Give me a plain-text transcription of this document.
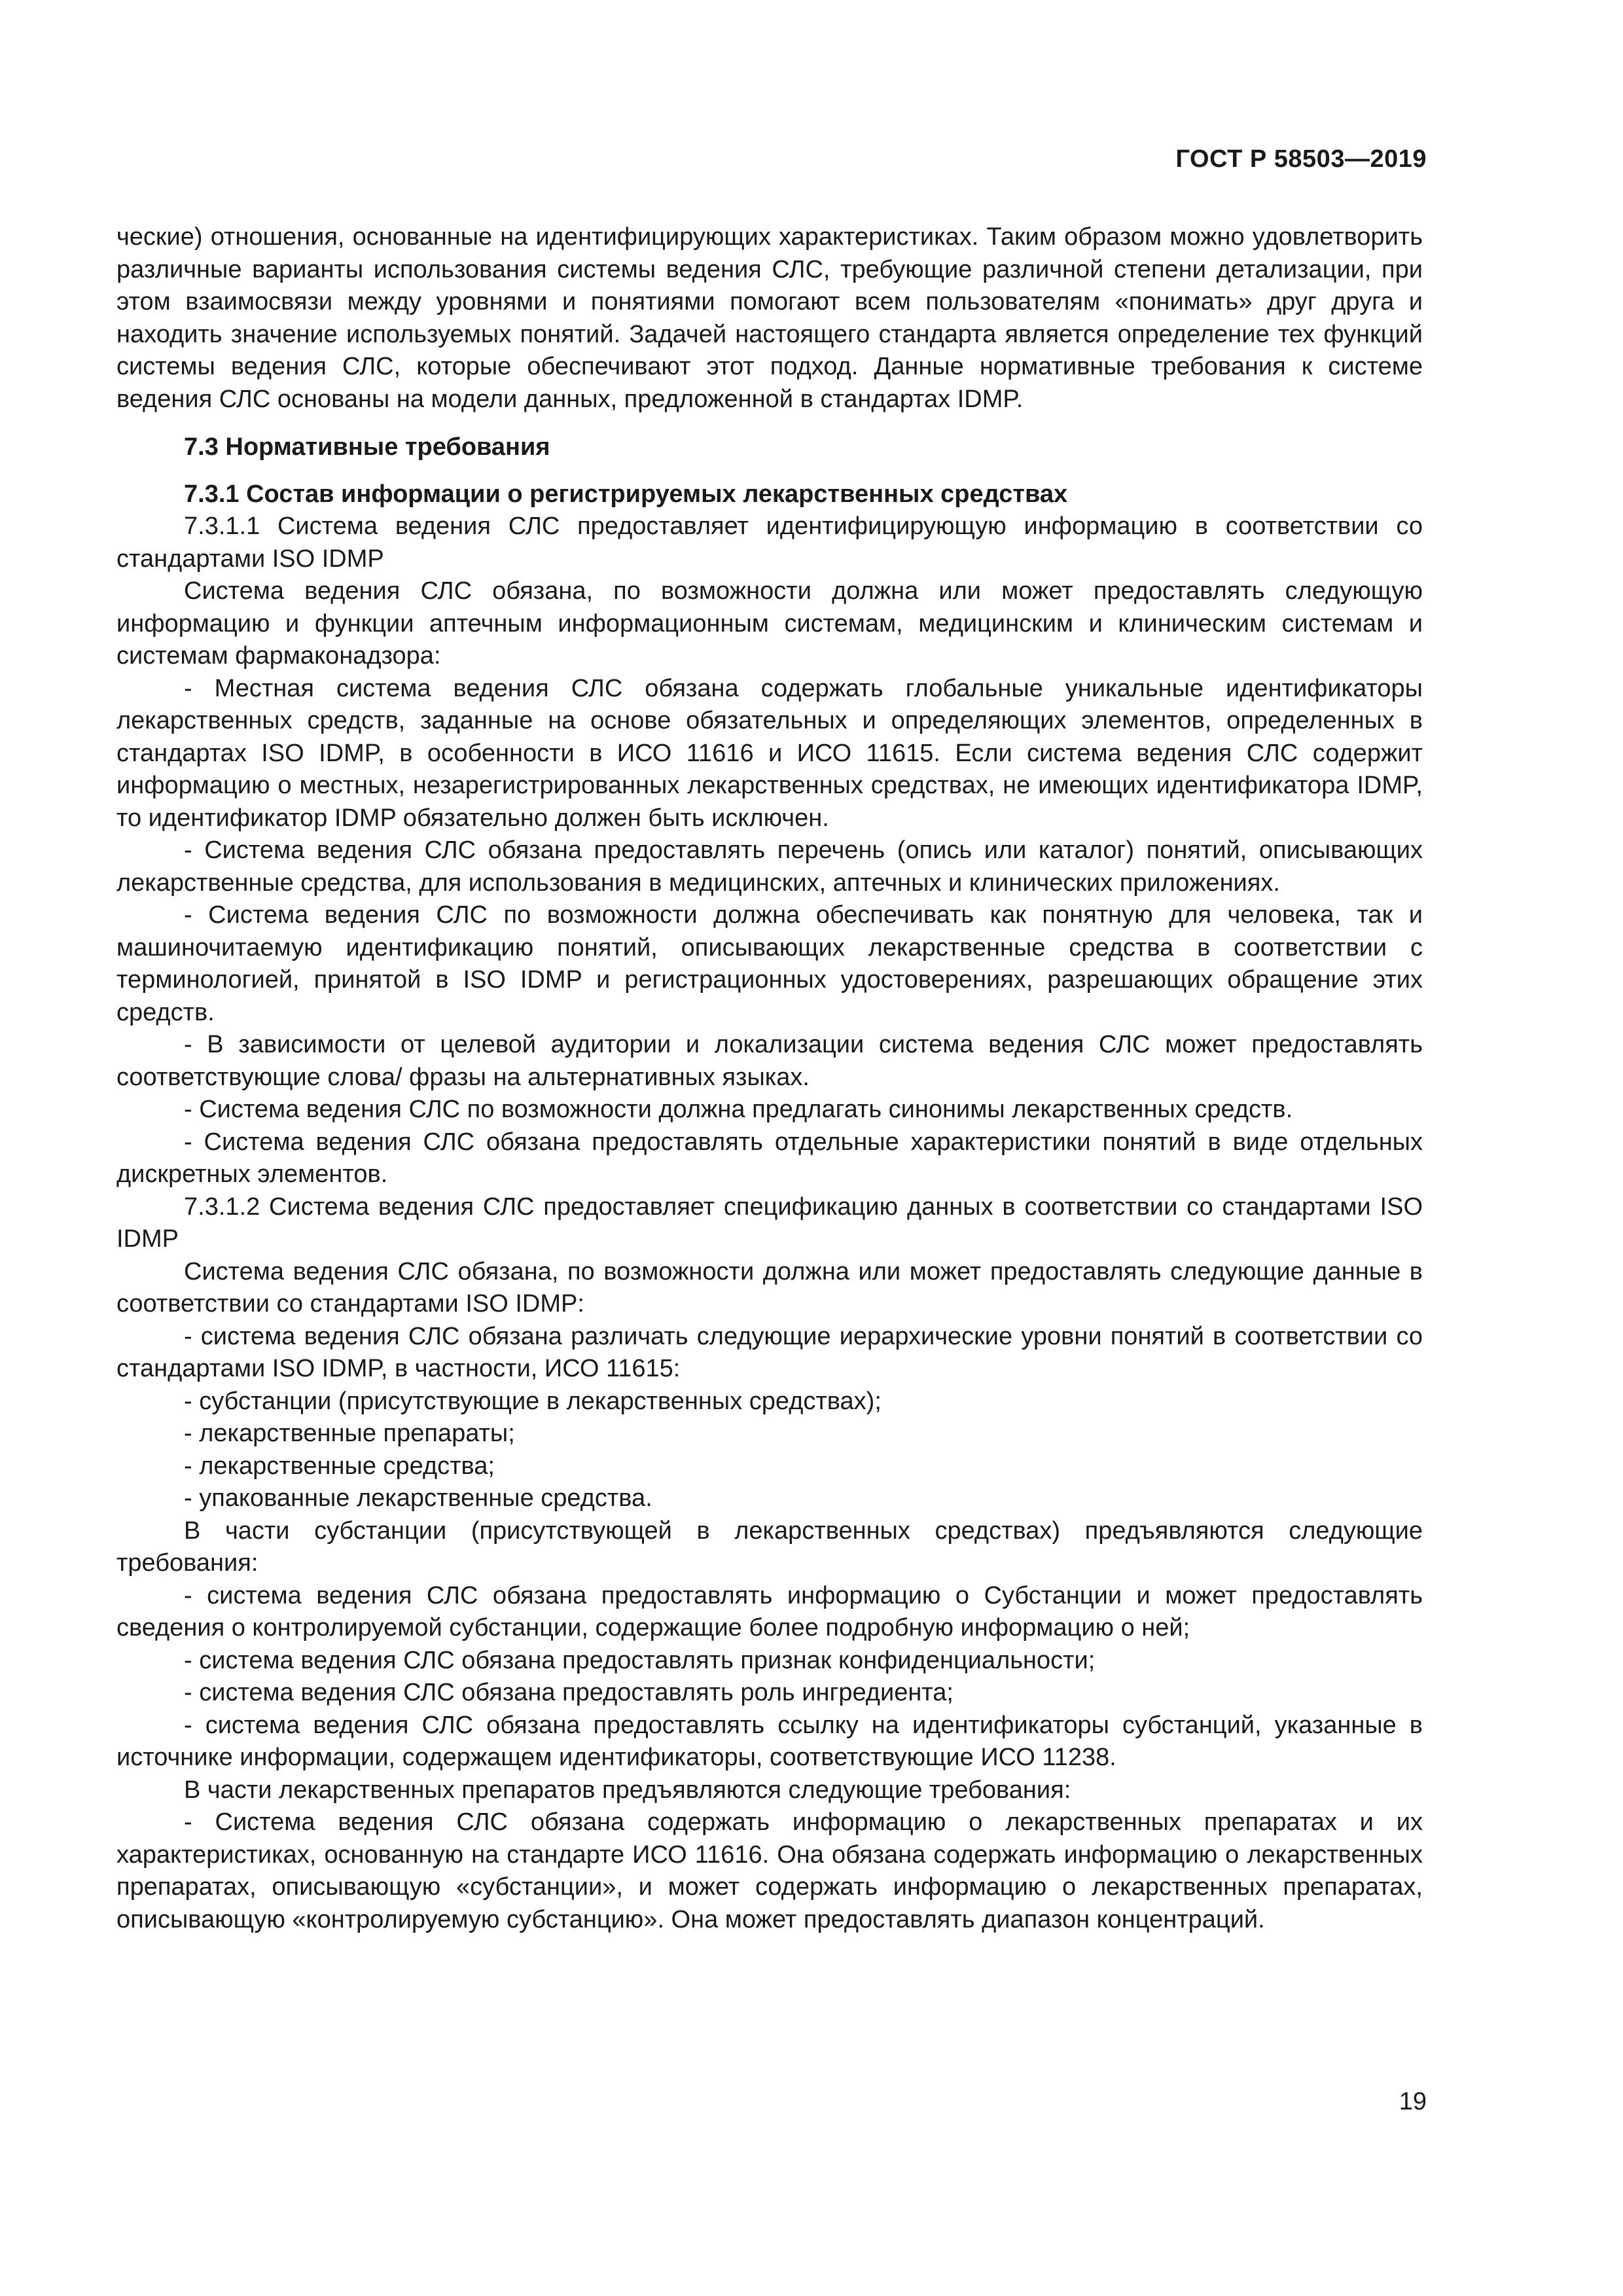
ГОСТ Р 58503—2019

ческие) отношения, основанные на идентифицирующих характеристиках. Таким образом можно удовлетворить различные варианты использования системы ведения СЛС, требующие различной степени детализации, при этом взаимосвязи между уровнями и понятиями помогают всем пользователям «понимать» друг друга и находить значение используемых понятий. Задачей настоящего стандарта является определение тех функций системы ведения СЛС, которые обеспечивают этот подход. Данные нормативные требования к системе ведения СЛС основаны на модели данных, предложенной в стандартах IDMP.

7.3 Нормативные требования
7.3.1 Состав информации о регистрируемых лекарственных средствах

7.3.1.1 Система ведения СЛС предоставляет идентифицирующую информацию в соответствии со стандартами ISO IDMP

Система ведения СЛС обязана, по возможности должна или может предоставлять следующую информацию и функции аптечным информационным системам, медицинским и клиническим системам и системам фармаконадзора:

- Местная система ведения СЛС обязана содержать глобальные уникальные идентификаторы лекарственных средств, заданные на основе обязательных и определяющих элементов, определенных в стандартах ISO IDMP, в особенности в ИСО 11616 и ИСО 11615. Если система ведения СЛС содержит информацию о местных, незарегистрированных лекарственных средствах, не имеющих идентификатора IDMP, то идентификатор IDMP обязательно должен быть исключен.

- Система ведения СЛС обязана предоставлять перечень (опись или каталог) понятий, описывающих лекарственные средства, для использования в медицинских, аптечных и клинических приложениях.

- Система ведения СЛС по возможности должна обеспечивать как понятную для человека, так и машиночитаемую идентификацию понятий, описывающих лекарственные средства в соответствии с терминологией, принятой в ISO IDMP и регистрационных удостоверениях, разрешающих обращение этих средств.

- В зависимости от целевой аудитории и локализации система ведения СЛС может предоставлять соответствующие слова/ фразы на альтернативных языках.

- Система ведения СЛС по возможности должна предлагать синонимы лекарственных средств.

- Система ведения СЛС обязана предоставлять отдельные характеристики понятий в виде отдельных дискретных элементов.

7.3.1.2 Система ведения СЛС предоставляет спецификацию данных в соответствии со стандартами ISO IDMP

Система ведения СЛС обязана, по возможности должна или может предоставлять следующие данные в соответствии со стандартами ISO IDMP:

- система ведения СЛС обязана различать следующие иерархические уровни понятий в соответствии со стандартами ISO IDMP, в частности, ИСО 11615:

- субстанции (присутствующие в лекарственных средствах);

- лекарственные препараты;

- лекарственные средства;

- упакованные лекарственные средства.

В части субстанции (присутствующей в лекарственных средствах) предъявляются следующие требования:

- система ведения СЛС обязана предоставлять информацию о Субстанции и может предоставлять сведения о контролируемой субстанции, содержащие более подробную информацию о ней;

- система ведения СЛС обязана предоставлять признак конфиденциальности;

- система ведения СЛС обязана предоставлять роль ингредиента;

- система ведения СЛС обязана предоставлять ссылку на идентификаторы субстанций, указанные в источнике информации, содержащем идентификаторы, соответствующие ИСО 11238.

В части лекарственных препаратов предъявляются следующие требования:

- Система ведения СЛС обязана содержать информацию о лекарственных препаратах и их характеристиках, основанную на стандарте ИСО 11616. Она обязана содержать информацию о лекарственных препаратах, описывающую «субстанции», и может содержать информацию о лекарственных препаратах, описывающую «контролируемую субстанцию». Она может предоставлять диапазон концентраций.

19
